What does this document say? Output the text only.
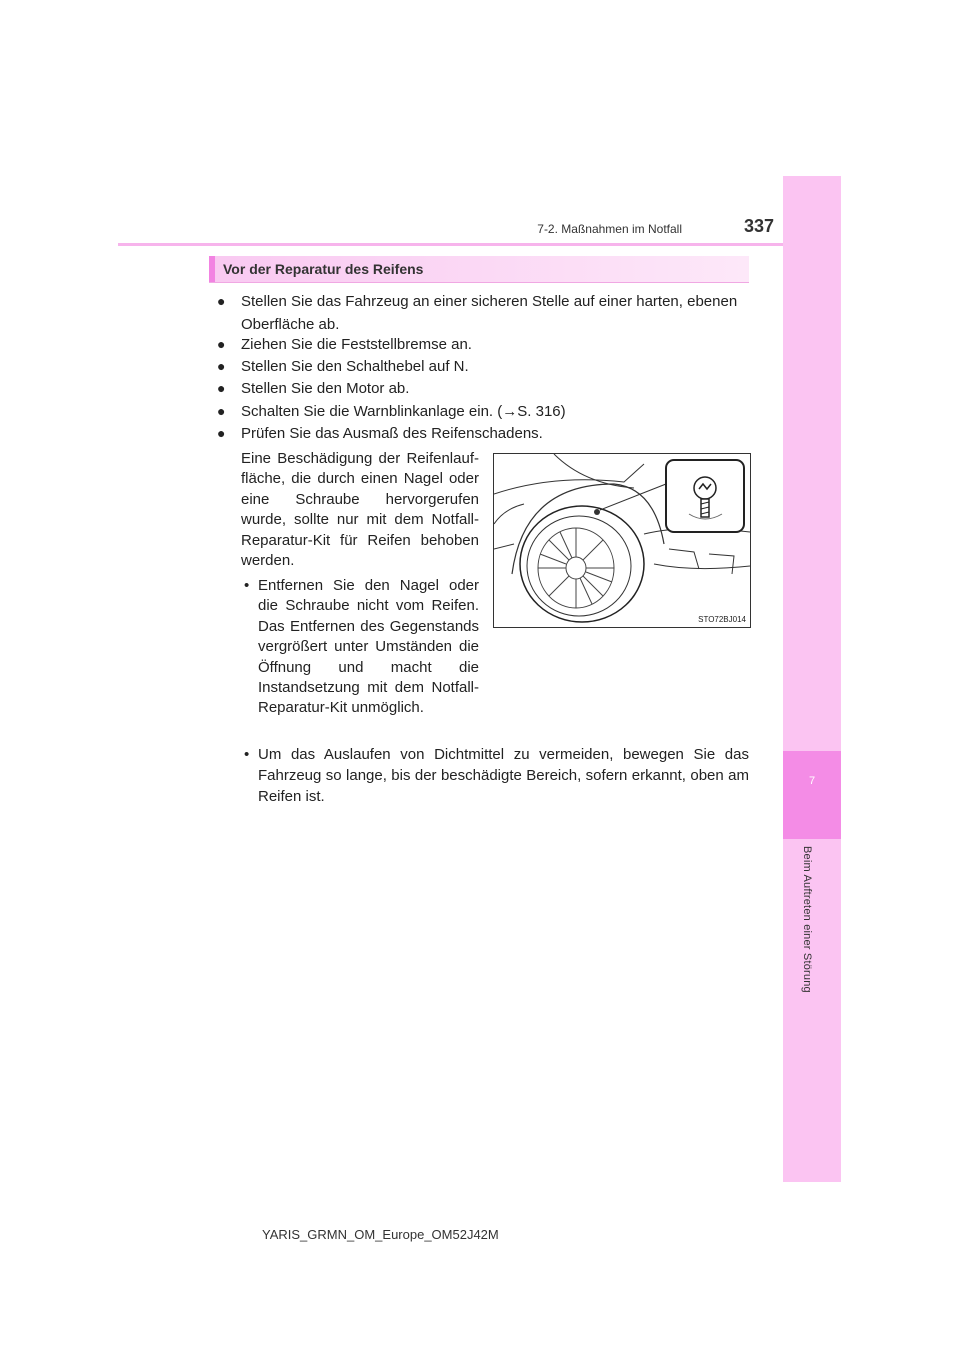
7
Beim Auftreten einer Störung
7-2. Maßnahmen im Notfall	337
Vor der Reparatur des Reifens
● Stellen Sie das Fahrzeug an einer sicheren Stelle auf einer harten, ebenen Oberfläche ab.
● Ziehen Sie die Feststellbremse an.
● Stellen Sie den Schalthebel auf N.
● Stellen Sie den Motor ab.
● Schalten Sie die Warnblinkanlage ein. (→S. 316)
● Prüfen Sie das Ausmaß des Reifenschadens.
Eine Beschädigung der Reifenlauffläche, die durch einen Nagel oder eine Schraube hervorgerufen wurde, sollte nur mit dem Notfall-Reparatur-Kit für Reifen behoben werden.
• Entfernen Sie den Nagel oder die Schraube nicht vom Reifen. Das Entfernen des Gegenstands vergrößert unter Umständen die Öffnung und macht die Instandsetzung mit dem Notfall-Reparatur-Kit unmöglich.
• Um das Auslaufen von Dichtmittel zu vermeiden, bewegen Sie das Fahrzeug so lange, bis der beschädigte Bereich, sofern erkannt, oben am Reifen ist.
STO72BJ014
YARIS_GRMN_OM_Europe_OM52J42M
